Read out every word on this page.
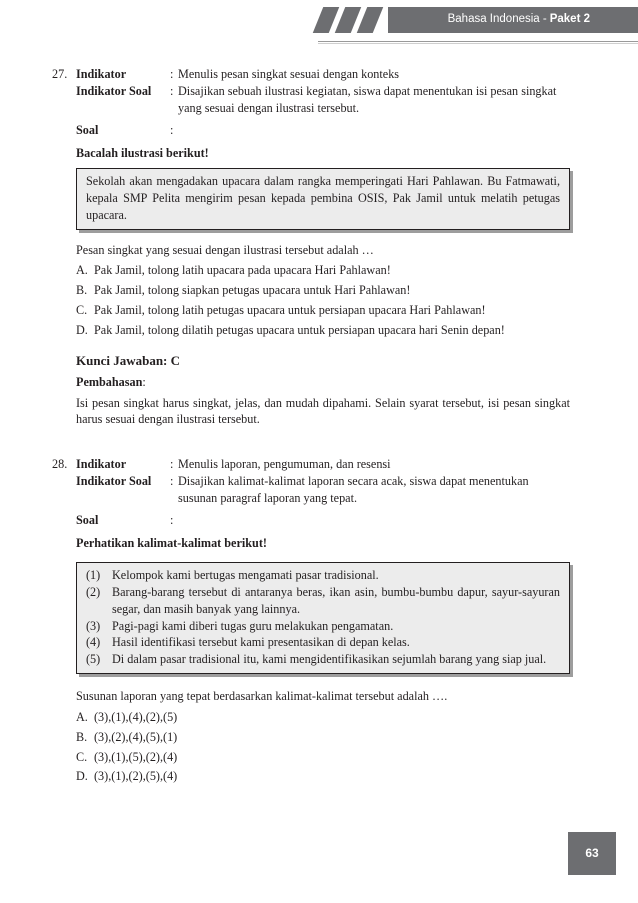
Bahasa Indonesia - Paket 2
27. Indikator	: Menulis pesan singkat sesuai dengan konteks
Indikator Soal	: Disajikan sebuah ilustrasi kegiatan, siswa dapat menentukan isi pesan singkat yang sesuai dengan ilustrasi tersebut.
Soal	:
Bacalah ilustrasi berikut!
Sekolah akan mengadakan upacara dalam rangka memperingati Hari Pahlawan. Bu Fatmawati, kepala SMP Pelita mengirim pesan kepada pembina OSIS, Pak Jamil untuk melatih petugas upacara.
Pesan singkat yang sesuai dengan ilustrasi tersebut adalah …
A. Pak Jamil, tolong latih upacara pada upacara Hari Pahlawan!
B. Pak Jamil, tolong siapkan petugas upacara untuk Hari Pahlawan!
C. Pak Jamil, tolong latih petugas upacara untuk persiapan upacara Hari Pahlawan!
D. Pak Jamil, tolong dilatih petugas upacara untuk persiapan upacara hari Senin depan!
Kunci Jawaban: C
Pembahasan:
Isi pesan singkat harus singkat, jelas, dan mudah dipahami. Selain syarat tersebut, isi pesan singkat harus sesuai dengan ilustrasi tersebut.
28. Indikator	: Menulis laporan, pengumuman, dan resensi
Indikator Soal	: Disajikan kalimat-kalimat laporan secara acak, siswa dapat menentukan susunan paragraf laporan yang tepat.
Soal	:
Perhatikan kalimat-kalimat berikut!
(1) Kelompok kami bertugas mengamati pasar tradisional.
(2) Barang-barang tersebut di antaranya beras, ikan asin, bumbu-bumbu dapur, sayur-sayuran segar, dan masih banyak yang lainnya.
(3) Pagi-pagi kami diberi tugas guru melakukan pengamatan.
(4) Hasil identifikasi tersebut kami presentasikan di depan kelas.
(5) Di dalam pasar tradisional itu, kami mengidentifikasikan sejumlah barang yang siap jual.
Susunan laporan yang tepat berdasarkan kalimat-kalimat tersebut adalah ….
A. (3),(1),(4),(2),(5)
B. (3),(2),(4),(5),(1)
C. (3),(1),(5),(2),(4)
D. (3),(1),(2),(5),(4)
63
